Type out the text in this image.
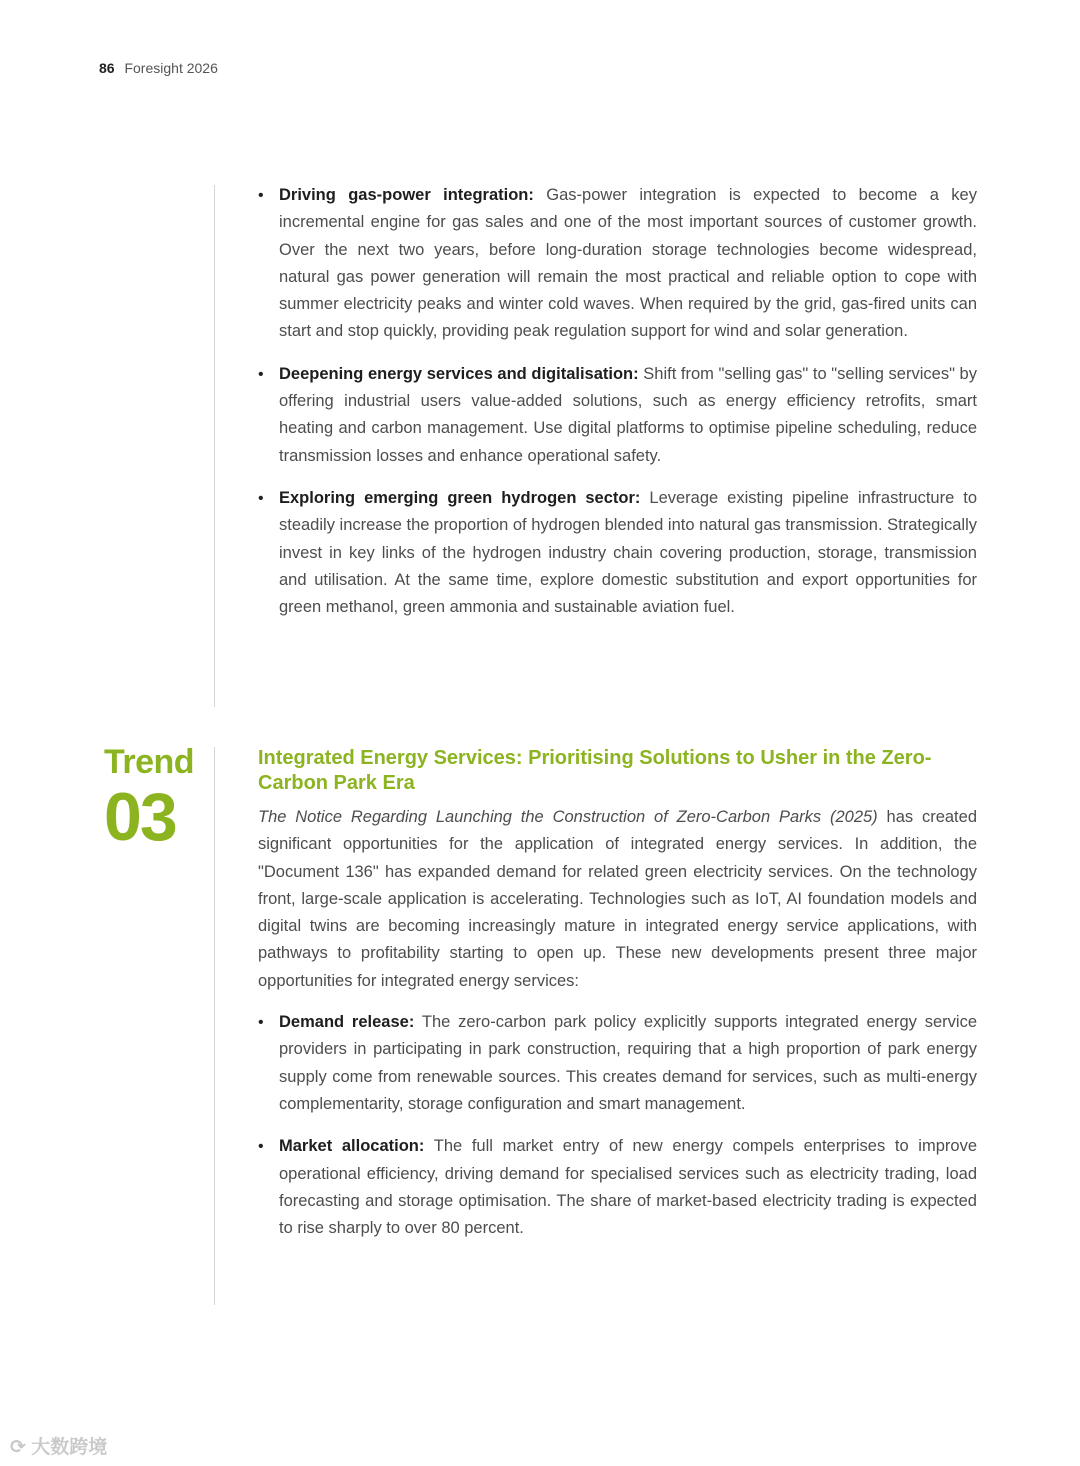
86 Foresight 2026
• Driving gas-power integration: Gas-power integration is expected to become a key incremental engine for gas sales and one of the most important sources of customer growth. Over the next two years, before long-duration storage technologies become widespread, natural gas power generation will remain the most practical and reliable option to cope with summer electricity peaks and winter cold waves. When required by the grid, gas-fired units can start and stop quickly, providing peak regulation support for wind and solar generation.
• Deepening energy services and digitalisation: Shift from "selling gas" to "selling services" by offering industrial users value-added solutions, such as energy efficiency retrofits, smart heating and carbon management. Use digital platforms to optimise pipeline scheduling, reduce transmission losses and enhance operational safety.
• Exploring emerging green hydrogen sector: Leverage existing pipeline infrastructure to steadily increase the proportion of hydrogen blended into natural gas transmission. Strategically invest in key links of the hydrogen industry chain covering production, storage, transmission and utilisation. At the same time, explore domestic substitution and export opportunities for green methanol, green ammonia and sustainable aviation fuel.
Trend
03
Integrated Energy Services: Prioritising Solutions to Usher in the Zero-Carbon Park Era

The Notice Regarding Launching the Construction of Zero-Carbon Parks (2025) has created significant opportunities for the application of integrated energy services. In addition, the "Document 136" has expanded demand for related green electricity services. On the technology front, large-scale application is accelerating. Technologies such as IoT, AI foundation models and digital twins are becoming increasingly mature in integrated energy service applications, with pathways to profitability starting to open up. These new developments present three major opportunities for integrated energy services:

• Demand release: The zero-carbon park policy explicitly supports integrated energy service providers in participating in park construction, requiring that a high proportion of park energy supply come from renewable sources. This creates demand for services, such as multi-energy complementarity, storage configuration and smart management.
• Market allocation: The full market entry of new energy compels enterprises to improve operational efficiency, driving demand for specialised services such as electricity trading, load forecasting and storage optimisation. The share of market-based electricity trading is expected to rise sharply to over 80 percent.
⟳ 大数跨境
